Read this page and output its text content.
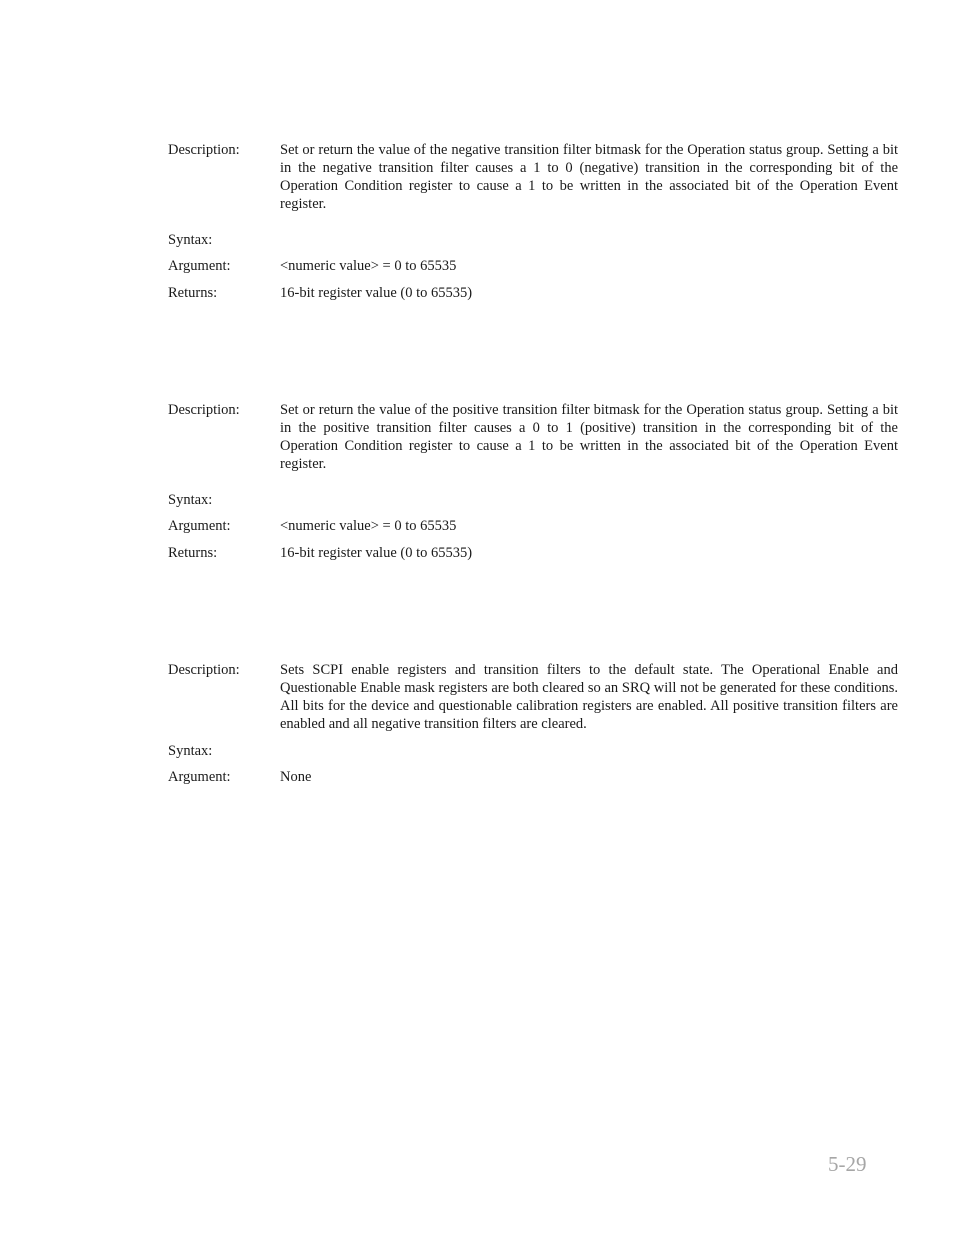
Description:	Set or return the value of the negative transition filter bitmask for the Operation status group. Setting a bit in the negative transition filter causes a 1 to 0 (negative) transition in the corresponding bit of the Operation Condition register to cause a 1 to be written in the associated bit of the Operation Event register.
Syntax:
Argument:	<numeric value> = 0 to 65535
Returns:	16-bit register value (0 to 65535)
Description:	Set or return the value of the positive transition filter bitmask for the Operation status group. Setting a bit in the positive transition filter causes a 0 to 1 (positive) transition in the corresponding bit of the Operation Condition register to cause a 1 to be written in the associated bit of the Operation Event register.
Syntax:
Argument:	<numeric value> = 0 to 65535
Returns:	16-bit register value (0 to 65535)
Description:	Sets SCPI enable registers and transition filters to the default state. The Operational Enable and Questionable Enable mask registers are both cleared so an SRQ will not be generated for these conditions. All bits for the device and questionable calibration registers are enabled. All positive transition filters are enabled and all negative transition filters are cleared.
Syntax:
Argument:	None
5-29
